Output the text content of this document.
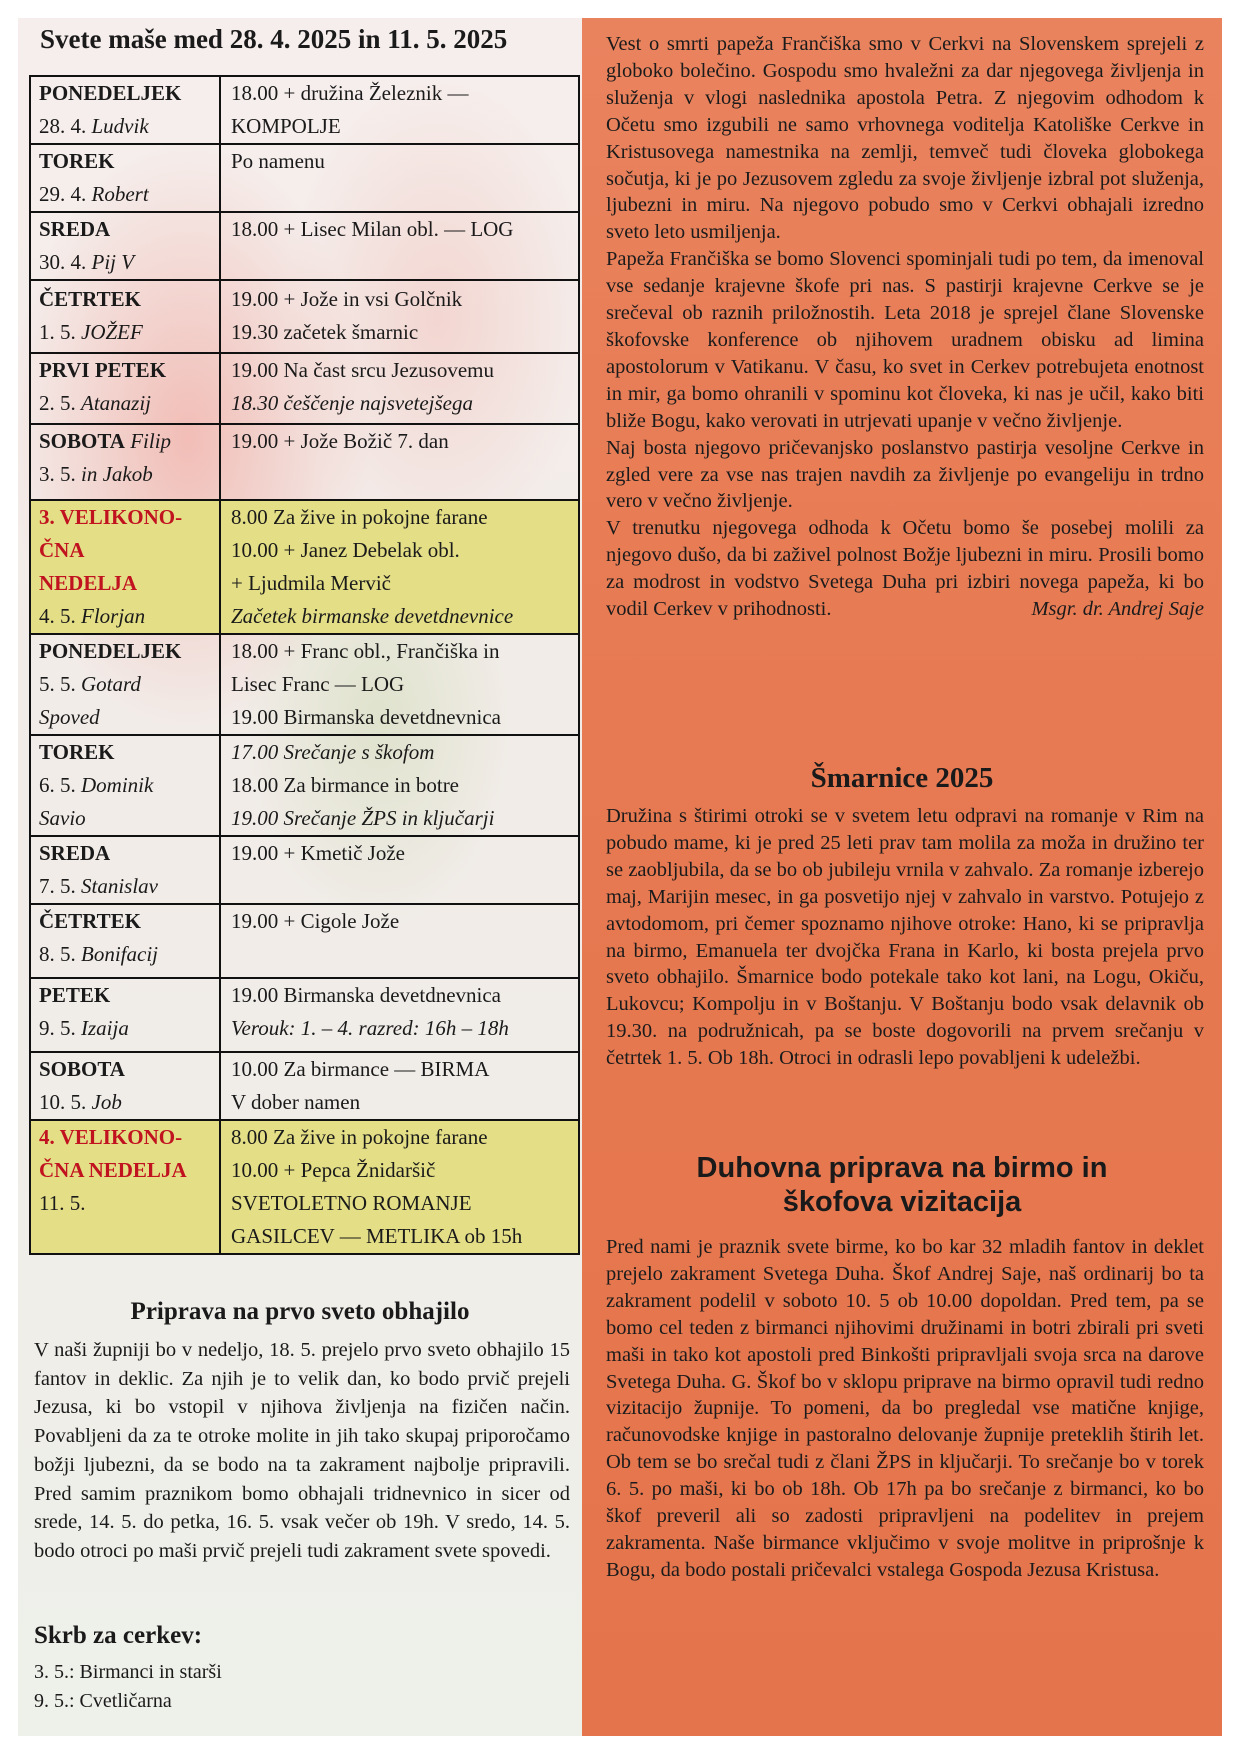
Svete maše med 28. 4. 2025 in 11. 5. 2025
PONEDELJEK
28. 4. Ludvik	18.00 + družina Železnik —
KOMPOLJE
TOREK
29. 4. Robert	Po namenu
SREDA
30. 4. Pij V	18.00 + Lisec Milan obl. — LOG
ČETRTEK
1. 5. JOŽEF	19.00 + Jože in vsi Golčnik
19.30 začetek šmarnic
PRVI PETEK
2. 5. Atanazij	19.00 Na čast srcu Jezusovemu
18.30 češčenje najsvetejšega
SOBOTA Filip
3. 5. in Jakob	19.00 + Jože Božič 7. dan
3. VELIKONO-
ČNA
NEDELJA
4. 5. Florjan	8.00 Za žive in pokojne farane
10.00 + Janez Debelak obl.
+ Ljudmila Mervič
Začetek birmanske devetdnevnice
PONEDELJEK
5. 5. Gotard
Spoved	18.00 + Franc obl., Frančiška in
Lisec Franc — LOG
19.00 Birmanska devetdnevnica
TOREK
6. 5. Dominik
Savio	17.00 Srečanje s škofom
18.00 Za birmance in botre
19.00 Srečanje ŽPS in ključarji
SREDA
7. 5. Stanislav	19.00 + Kmetič Jože
ČETRTEK
8. 5. Bonifacij	19.00 + Cigole Jože
PETEK
9. 5. Izaija	19.00 Birmanska devetdnevnica
Verouk: 1. – 4. razred: 16h – 18h
SOBOTA
10. 5. Job	10.00 Za birmance — BIRMA
V dober namen
4. VELIKONO-
ČNA NEDELJA
11. 5.	8.00 Za žive in pokojne farane
10.00 + Pepca Žnidaršič
SVETOLETNO ROMANJE
GASILCEV — METLIKA ob 15h
Priprava na prvo sveto obhajilo
V naši župniji bo v nedeljo, 18. 5. prejelo prvo sveto obhajilo 15 fantov in deklic. Za njih je to velik dan, ko bodo prvič prejeli Jezusa, ki bo vstopil v njihova življenja na fizičen način. Povabljeni da za te otroke molite in jih tako skupaj priporočamo božji ljubezni, da se bodo na ta zakrament najbolje pripravili. Pred samim praznikom bomo obhajali tridnevnico in sicer od srede, 14. 5. do petka, 16. 5. vsak večer ob 19h. V sredo, 14. 5. bodo otroci po maši prvič prejeli tudi zakrament svete spovedi.
Skrb za cerkev:
3. 5.: Birmanci in starši
9. 5.: Cvetličarna

Vest o smrti papeža Frančiška smo v Cerkvi na Slovenskem sprejeli z globoko bolečino. Gospodu smo hvaležni za dar njegovega življenja in služenja v vlogi naslednika apostola Petra. Z njegovim odhodom k Očetu smo izgubili ne samo vrhovnega voditelja Katoliške Cerkve in Kristusovega namestnika na zemlji, temveč tudi človeka globokega sočutja, ki je po Jezusovem zgledu za svoje življenje izbral pot služenja, ljubezni in miru. Na njegovo pobudo smo v Cerkvi obhajali izredno sveto leto usmiljenja.

Papeža Frančiška se bomo Slovenci spominjali tudi po tem, da imenoval vse sedanje krajevne škofe pri nas. S pastirji krajevne Cerkve se je srečeval ob raznih priložnostih. Leta 2018 je sprejel člane Slovenske škofovske konference ob njihovem uradnem obisku ad limina apostolorum v Vatikanu. V času, ko svet in Cerkev potrebujeta enotnost in mir, ga bomo ohranili v spominu kot človeka, ki nas je učil, kako biti bliže Bogu, kako verovati in utrjevati upanje v večno življenje.

Naj bosta njegovo pričevanjsko poslanstvo pastirja vesoljne Cerkve in zgled vere za vse nas trajen navdih za življenje po evangeliju in trdno vero v večno življenje.

V trenutku njegovega odhoda k Očetu bomo še posebej molili za njegovo dušo, da bi zaživel polnost Božje ljubezni in miru. Prosili bomo za modrost in vodstvo Svetega Duha pri izbiri novega papeža, ki bo vodil Cerkev v prihodnosti.	Msgr. dr. Andrej Saje
Šmarnice 2025
Družina s štirimi otroki se v svetem letu odpravi na romanje v Rim na pobudo mame, ki je pred 25 leti prav tam molila za moža in družino ter se zaobljubila, da se bo ob jubileju vrnila v zahvalo. Za romanje izberejo maj, Marijin mesec, in ga posvetijo njej v zahvalo in varstvo. Potujejo z avtodomom, pri čemer spoznamo njihove otroke: Hano, ki se pripravlja na birmo, Emanuela ter dvojčka Frana in Karlo, ki bosta prejela prvo sveto obhajilo. Šmarnice bodo potekale tako kot lani, na Logu, Okiču, Lukovcu; Kompolju in v Boštanju. V Boštanju bodo vsak delavnik ob 19.30. na podružnicah, pa se boste dogovorili na prvem srečanju v četrtek 1. 5. Ob 18h. Otroci in odrasli lepo povabljeni k udeležbi.
Duhovna priprava na birmo in
škofova vizitacija
Pred nami je praznik svete birme, ko bo kar 32 mladih fantov in deklet prejelo zakrament Svetega Duha. Škof Andrej Saje, naš ordinarij bo ta zakrament podelil v soboto 10. 5 ob 10.00 dopoldan. Pred tem, pa se bomo cel teden z birmanci njihovimi družinami in botri zbirali pri sveti maši in tako kot apostoli pred Binkošti pripravljali svoja srca na darove Svetega Duha. G. Škof bo v sklopu priprave na birmo opravil tudi redno vizitacijo župnije. To pomeni, da bo pregledal vse matične knjige, računovodske knjige in pastoralno delovanje župnije preteklih štirih let. Ob tem se bo srečal tudi z člani ŽPS in ključarji. To srečanje bo v torek 6. 5. po maši, ki bo ob 18h. Ob 17h pa bo srečanje z birmanci, ko bo škof preveril ali so zadosti pripravljeni na podelitev in prejem zakramenta. Naše birmance vključimo v svoje molitve in priprošnje k Bogu, da bodo postali pričevalci vstalega Gospoda Jezusa Kristusa.
